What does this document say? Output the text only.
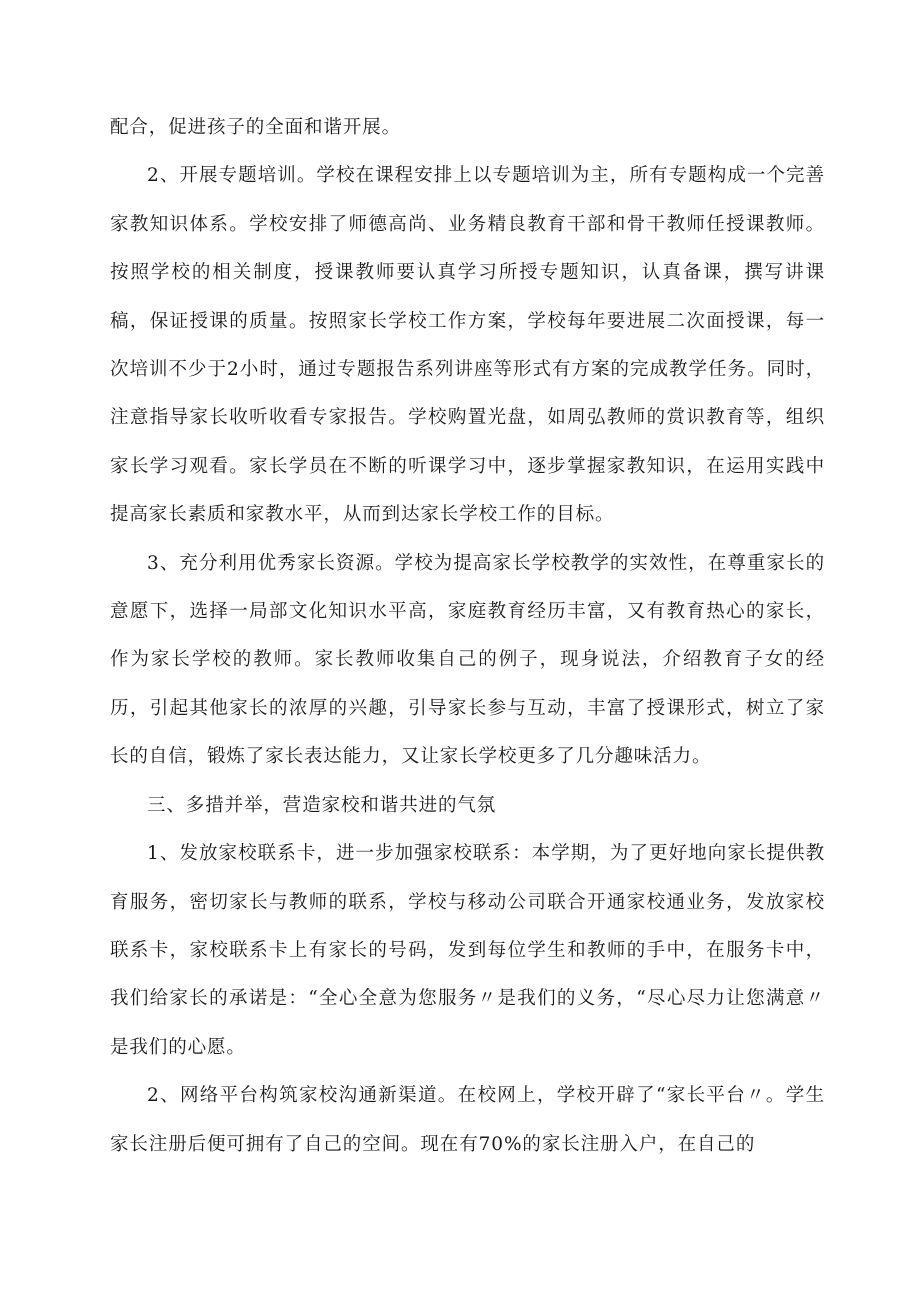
配合，促进孩子的全面和谐开展。

2、开展专题培训。学校在课程安排上以专题培训为主，所有专题构成一个完善家教知识体系。学校安排了师德高尚、业务精良教育干部和骨干教师任授课教师。按照学校的相关制度，授课教师要认真学习所授专题知识，认真备课，撰写讲课稿，保证授课的质量。按照家长学校工作方案，学校每年要进展二次面授课，每一次培训不少于2小时，通过专题报告系列讲座等形式有方案的完成教学任务。同时，注意指导家长收听收看专家报告。学校购置光盘，如周弘教师的赏识教育等，组织家长学习观看。家长学员在不断的听课学习中，逐步掌握家教知识，在运用实践中提高家长素质和家教水平，从而到达家长学校工作的目标。

3、充分利用优秀家长资源。学校为提高家长学校教学的实效性，在尊重家长的意愿下，选择一局部文化知识水平高，家庭教育经历丰富，又有教育热心的家长，作为家长学校的教师。家长教师收集自己的例子，现身说法，介绍教育子女的经历，引起其他家长的浓厚的兴趣，引导家长参与互动，丰富了授课形式，树立了家长的自信，锻炼了家长表达能力，又让家长学校更多了几分趣味活力。

三、多措并举，营造家校和谐共进的气氛

1、发放家校联系卡，进一步加强家校联系：本学期，为了更好地向家长提供教育服务，密切家长与教师的联系，学校与移动公司联合开通家校通业务，发放家校联系卡，家校联系卡上有家长的号码，发到每位学生和教师的手中，在服务卡中，我们给家长的承诺是：“全心全意为您服务〃是我们的义务，“尽心尽力让您满意〃是我们的心愿。

2、网络平台构筑家校沟通新渠道。在校网上，学校开辟了“家长平台〃。学生家长注册后便可拥有了自己的空间。现在有70%的家长注册入户，在自己的
